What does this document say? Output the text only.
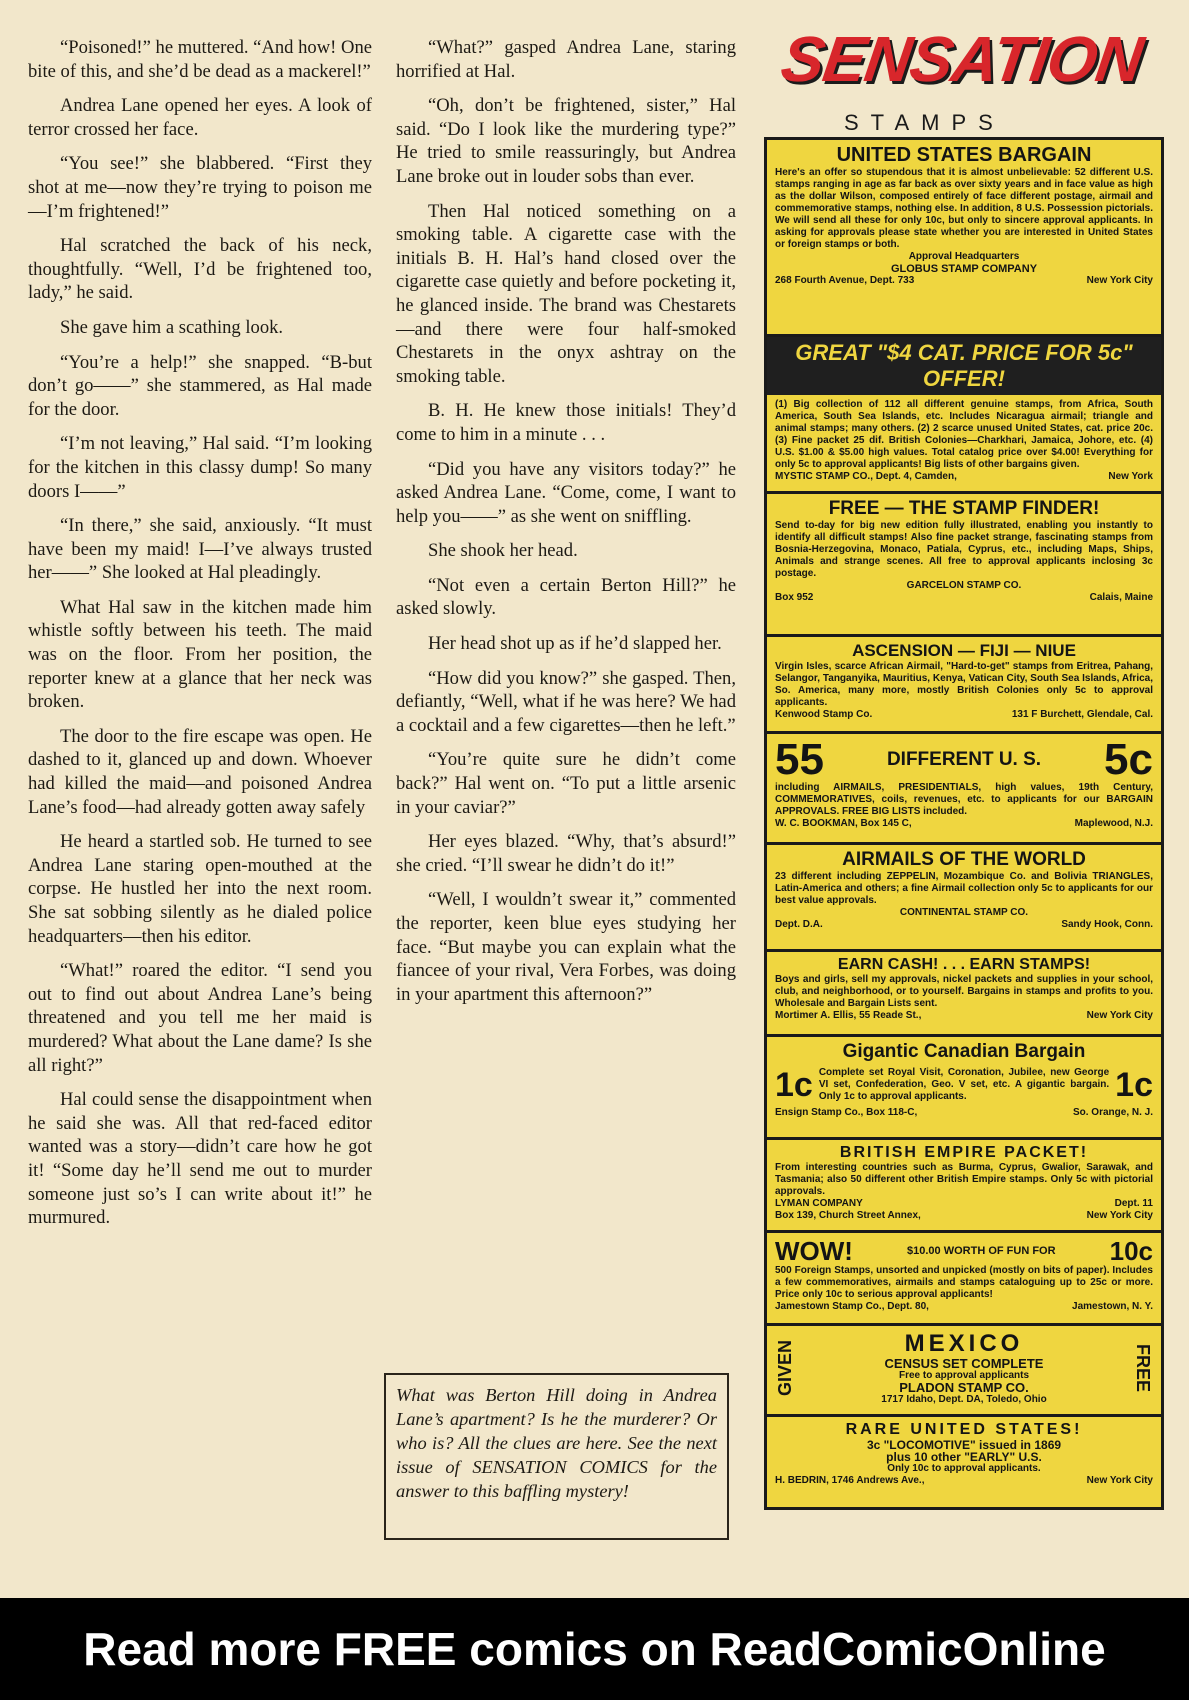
“Poisoned!” he muttered. “And how! One bite of this, and she’d be dead as a mackerel!”

Andrea Lane opened her eyes. A look of terror crossed her face.

“You see!” she blabbered. “First they shot at me—now they’re trying to poison me—I’m frightened!”

Hal scratched the back of his neck, thoughtfully. “Well, I’d be frightened too, lady,” he said.

She gave him a scathing look.

“You’re a help!” she snapped. “B-but don’t go——” she stammered, as Hal made for the door.

“I’m not leaving,” Hal said. “I’m looking for the kitchen in this classy dump! So many doors I——”

“In there,” she said, anxiously. “It must have been my maid! I—I’ve always trusted her——” She looked at Hal pleadingly.

What Hal saw in the kitchen made him whistle softly between his teeth. The maid was on the floor. From her position, the reporter knew at a glance that her neck was broken.

The door to the fire escape was open. He dashed to it, glanced up and down. Whoever had killed the maid—and poisoned Andrea Lane’s food—had already gotten away safely

He heard a startled sob. He turned to see Andrea Lane staring open-mouthed at the corpse. He hustled her into the next room. She sat sobbing silently as he dialed police headquarters—then his editor.

“What!” roared the editor. “I send you out to find out about Andrea Lane’s being threatened and you tell me her maid is murdered? What about the Lane dame? Is she all right?”

Hal could sense the disappointment when he said she was. All that red-faced editor wanted was a story—didn’t care how he got it! “Some day he’ll send me out to murder someone just so’s I can write about it!” he murmured.

“What?” gasped Andrea Lane, staring horrified at Hal.

“Oh, don’t be frightened, sister,” Hal said. “Do I look like the murdering type?” He tried to smile reassuringly, but Andrea Lane broke out in louder sobs than ever.

Then Hal noticed something on a smoking table. A cigarette case with the initials B. H. Hal’s hand closed over the cigarette case quietly and before pocketing it, he glanced inside. The brand was Chestarets—and there were four half-smoked Chestarets in the onyx ashtray on the smoking table.

B. H. He knew those initials! They’d come to him in a minute . . .

“Did you have any visitors today?” he asked Andrea Lane. “Come, come, I want to help you——” as she went on sniffling.

She shook her head.

“Not even a certain Berton Hill?” he asked slowly.

Her head shot up as if he’d slapped her.

“How did you know?” she gasped. Then, defiantly, “Well, what if he was here? We had a cocktail and a few cigarettes—then he left.”

“You’re quite sure he didn’t come back?” Hal went on. “To put a little arsenic in your caviar?”

Her eyes blazed. “Why, that’s absurd!” she cried. “I’ll swear he didn’t do it!”

“Well, I wouldn’t swear it,” commented the reporter, keen blue eyes studying her face. “But maybe you can explain what the fiancee of your rival, Vera Forbes, was doing in your apartment this afternoon?”

What was Berton Hill doing in Andrea Lane’s apartment? Is he the murderer? Or who is? All the clues are here. See the next issue of SENSATION COMICS for the answer to this baffling mystery!
SENSATION
STAMPS
UNITED STATES BARGAIN
Here's an offer so stupendous that it is almost unbelievable: 52 different U.S. stamps ranging in age as far back as over sixty years and in face value as high as the dollar Wilson, composed entirely of face different postage, airmail and commemorative stamps, nothing else. In addition, 8 U.S. Possession pictorials. We will send all these for only 10c, but only to sincere approval applicants. In asking for approvals please state whether you are interested in United States or foreign stamps or both.
Approval Headquarters
GLOBUS STAMP COMPANY
268 Fourth Avenue, Dept. 733	New York City
GREAT "$4 CAT. PRICE FOR 5c" OFFER!
(1) Big collection of 112 all different genuine stamps, from Africa, South America, South Sea Islands, etc. Includes Nicaragua airmail; triangle and animal stamps; many others. (2) 2 scarce unused United States, cat. price 20c. (3) Fine packet 25 dif. British Colonies—Charkhari, Jamaica, Johore, etc. (4) U.S. $1.00 & $5.00 high values. Total catalog price over $4.00! Everything for only 5c to approval applicants! Big lists of other bargains given.
MYSTIC STAMP CO., Dept. 4, Camden,	New York
FREE — THE STAMP FINDER!
Send to-day for big new edition fully illustrated, enabling you instantly to identify all difficult stamps! Also fine packet strange, fascinating stamps from Bosnia-Herzegovina, Monaco, Patiala, Cyprus, etc., including Maps, Ships, Animals and strange scenes. All free to approval applicants inclosing 3c postage.
GARCELON STAMP CO.
Box 952	Calais, Maine
ASCENSION — FIJI — NIUE
Virgin Isles, scarce African Airmail, "Hard-to-get" stamps from Eritrea, Pahang, Selangor, Tanganyika, Mauritius, Kenya, Vatican City, South Sea Islands, Africa, So. America, many more, mostly British Colonies only 5c to approval applicants.
Kenwood Stamp Co.	131 F Burchett, Glendale, Cal.
55	DIFFERENT U. S.	5c
including AIRMAILS, PRESIDENTIALS, high values, 19th Century, COMMEMORATIVES, coils, revenues, etc. to applicants for our BARGAIN APPROVALS. FREE BIG LISTS included.
W. C. BOOKMAN, Box 145 C,	Maplewood, N.J.
AIRMAILS OF THE WORLD
23 different including ZEPPELIN, Mozambique Co. and Bolivia TRIANGLES, Latin-America and others; a fine Airmail collection only 5c to applicants for our best value approvals.
CONTINENTAL STAMP CO.
Dept. D.A.	Sandy Hook, Conn.
EARN CASH! . . . EARN STAMPS!
Boys and girls, sell my approvals, nickel packets and supplies in your school, club, and neighborhood, or to yourself. Bargains in stamps and profits to you. Wholesale and Bargain Lists sent.
Mortimer A. Ellis, 55 Reade St.,	New York City
Gigantic Canadian Bargain
1c Complete set Royal Visit, Coronation, Jubilee, new George VI set, Confederation, Geo. V set, etc. A gigantic bargain. Only 1c to approval applicants.	1c
Ensign Stamp Co., Box 118-C,	So. Orange, N. J.
BRITISH EMPIRE PACKET!
From interesting countries such as Burma, Cyprus, Gwalior, Sarawak, and Tasmania; also 50 different other British Empire stamps. Only 5c with pictorial approvals.
LYMAN COMPANY	Dept. 11
Box 139, Church Street Annex,	New York City
WOW!	$10.00 WORTH OF FUN FOR	10c
500 Foreign Stamps, unsorted and unpicked (mostly on bits of paper). Includes a few commemoratives, airmails and stamps cataloguing up to 25c or more. Price only 10c to serious approval applicants!
Jamestown Stamp Co., Dept. 80,	Jamestown, N. Y.
GIVEN	MEXICO
CENSUS SET COMPLETE
Free to approval applicants
PLADON STAMP CO.
1717 Idaho, Dept. DA, Toledo, Ohio
FREE
RARE UNITED STATES!
3c "LOCOMOTIVE" issued in 1869
plus 10 other "EARLY" U.S.
Only 10c to approval applicants.
H. BEDRIN, 1746 Andrews Ave.,	New York City
Read more FREE comics on ReadComicOnline
